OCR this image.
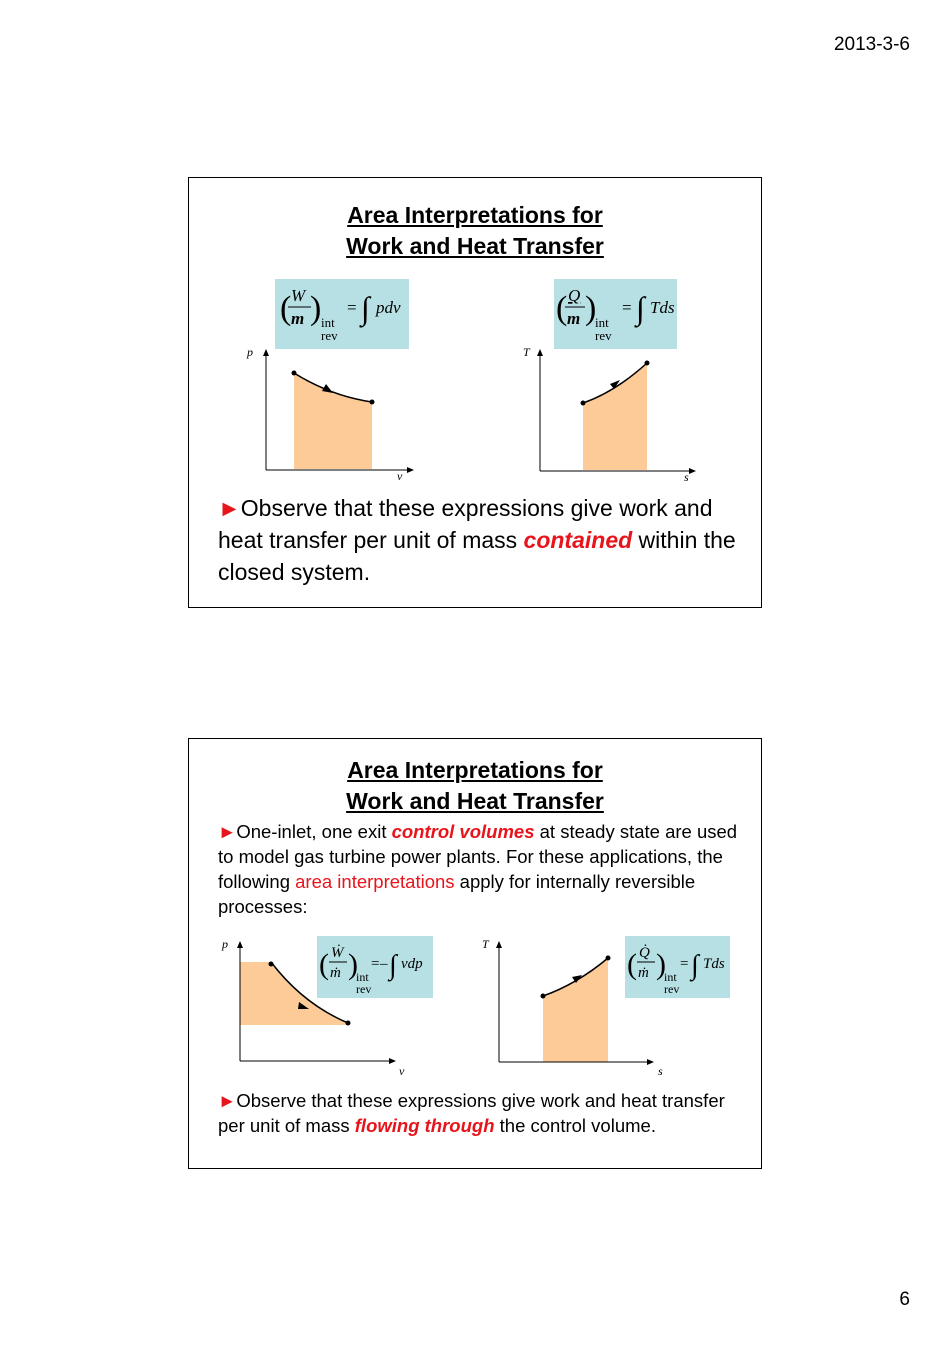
2013-3-6
Area Interpretations for
Work and Heat Transfer
( W
m ) int
rev
= ∫ pdv
p
v
( Q
m )
int
rev
= ∫ Tds
T
s
►Observe that these expressions give work and heat transfer per unit of mass contained within the closed system.
Area Interpretations for
Work and Heat Transfer
►One-inlet, one exit control volumes at steady state are used to model gas turbine power plants. For these applications, the following area interpretations apply for internally reversible processes:
p
v
( Ẇ
ṁ )
int
rev
= – ∫ vdp
T
s
( Q̇
ṁ )
int
rev
= ∫ Tds
►Observe that these expressions give work and heat transfer per unit of mass flowing through the control volume.
6
